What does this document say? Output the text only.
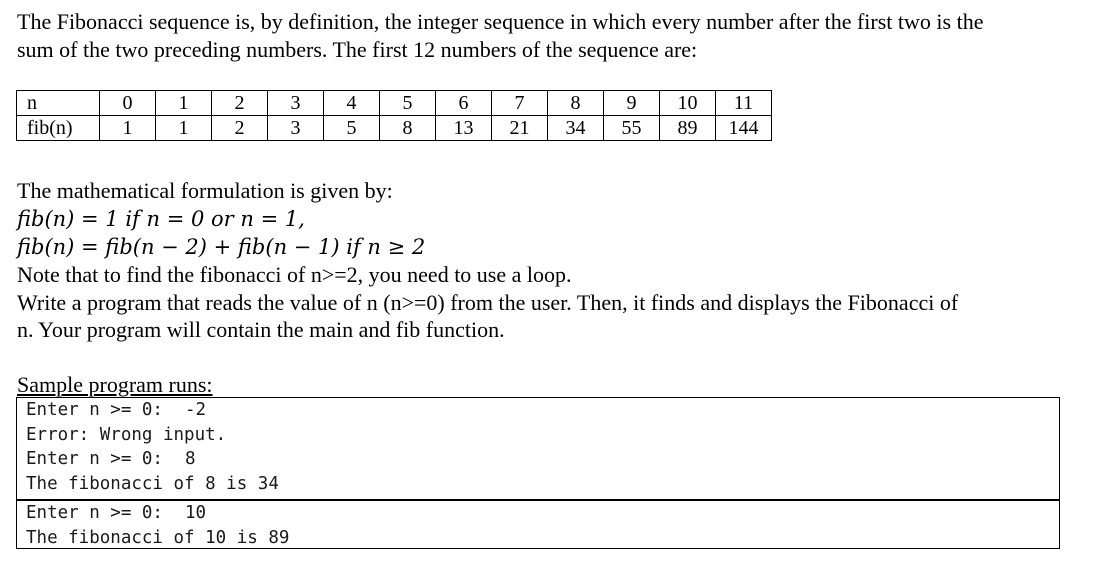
The Fibonacci sequence is, by definition, the integer sequence in which every number after the first two is the

sum of the two preceding numbers. The first 12 numbers of the sequence are:

n	0	1	2	3	4	5	6	7	8	9	10	11
fib(n)	1	1	2	3	5	8	13	21	34	55	89	144

The mathematical formulation is given by:

fib(n) = 1 if n = 0 or n = 1,
fib(n) = fib(n − 2) + fib(n − 1) if n ≥ 2

Note that to find the fibonacci of n>=2, you need to use a loop.

Write a program that reads the value of n (n>=0) from the user. Then, it finds and displays the Fibonacci of

n. Your program will contain the main and fib function.

Sample program runs:
Enter n >= 0: -2
Error: Wrong input.
Enter n >= 0: 8
The fibonacci of 8 is 34
Enter n >= 0: 10
The fibonacci of 10 is 89
